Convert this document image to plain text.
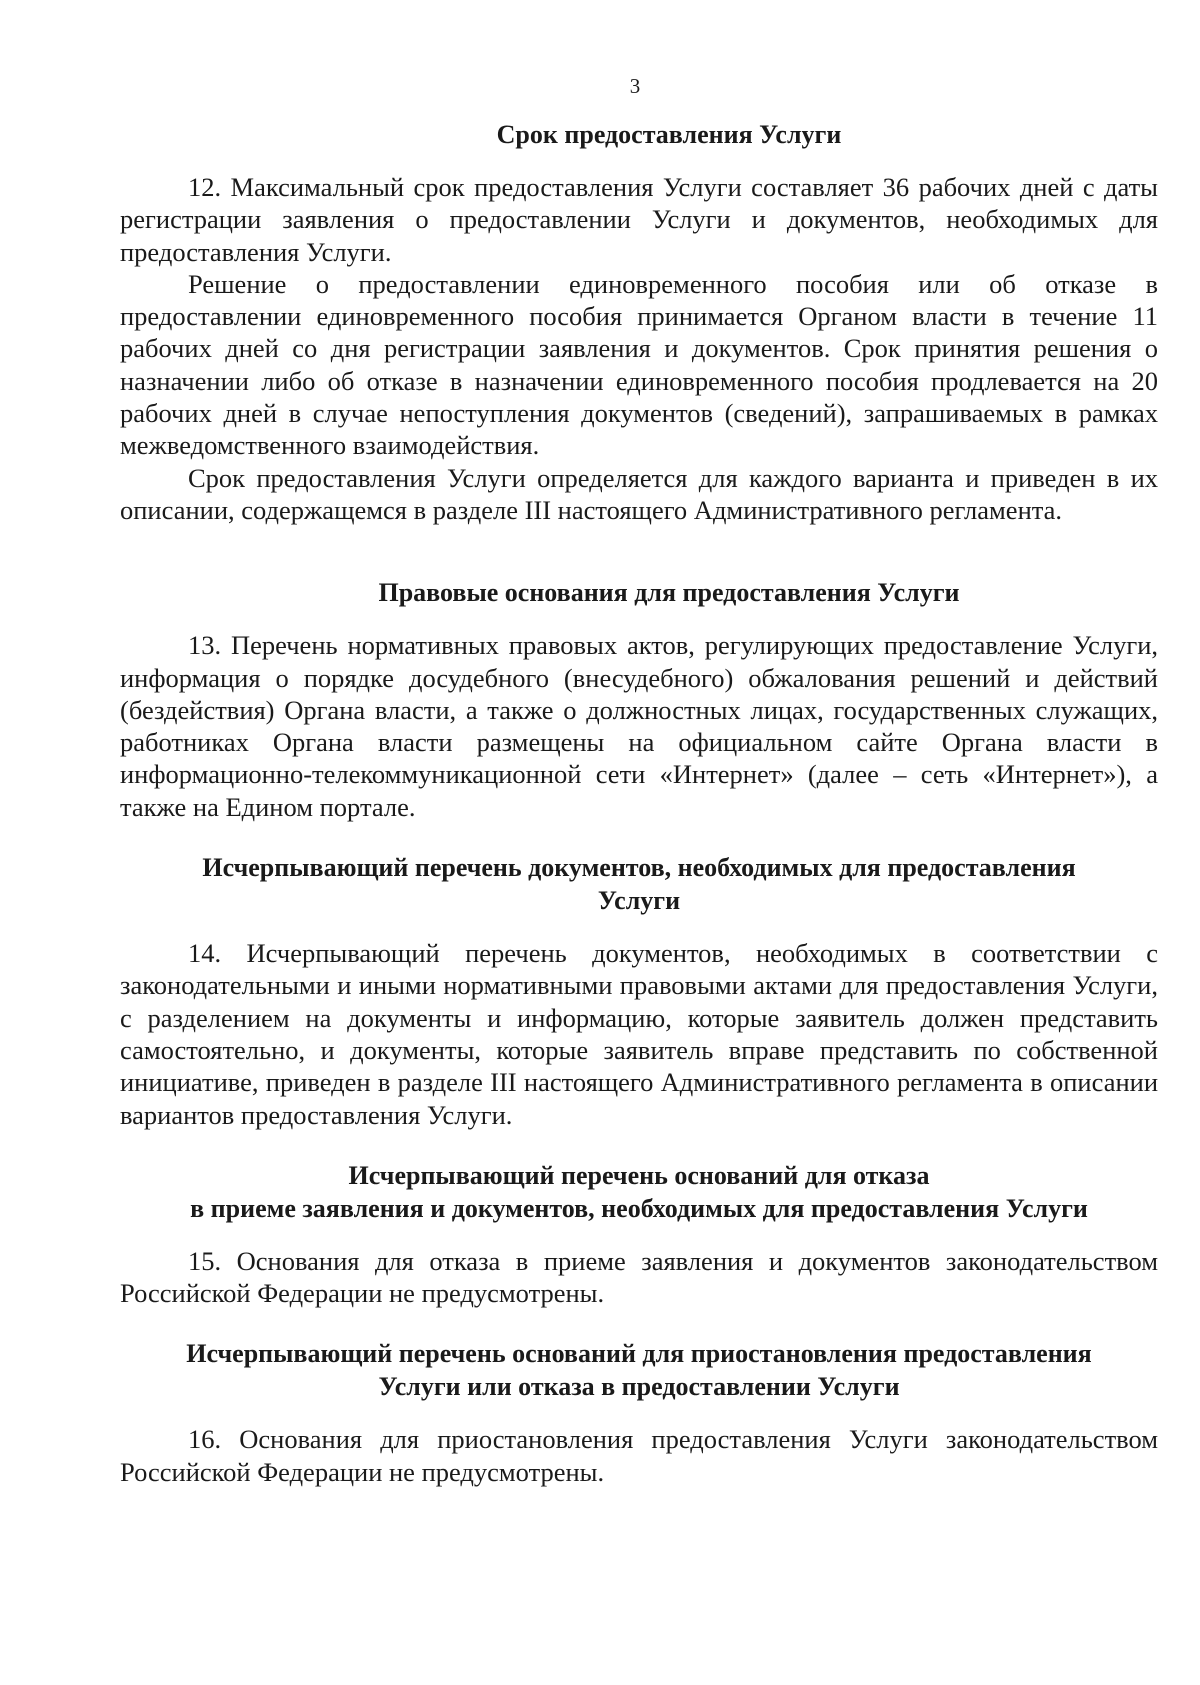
3

Срок предоставления Услуги

12. Максимальный срок предоставления Услуги составляет 36 рабочих дней с даты регистрации заявления о предоставлении Услуги и документов, необходимых для предоставления Услуги.

Решение о предоставлении единовременного пособия или об отказе в предоставлении единовременного пособия принимается Органом власти в течение 11 рабочих дней со дня регистрации заявления и документов. Срок принятия решения о назначении либо об отказе в назначении единовременного пособия продлевается на 20 рабочих дней в случае непоступления документов (сведений), запрашиваемых в рамках межведомственного взаимодействия.

Срок предоставления Услуги определяется для каждого варианта и приведен в их описании, содержащемся в разделе III настоящего Административного регламента.

Правовые основания для предоставления Услуги

13. Перечень нормативных правовых актов, регулирующих предоставление Услуги, информация о порядке досудебного (внесудебного) обжалования решений и действий (бездействия) Органа власти, а также о должностных лицах, государственных служащих, работниках Органа власти размещены на официальном сайте Органа власти в информационно-телекоммуникационной сети «Интернет» (далее – сеть «Интернет»), а также на Едином портале.

Исчерпывающий перечень документов, необходимых для предоставления

Услуги

14. Исчерпывающий перечень документов, необходимых в соответствии с законодательными и иными нормативными правовыми актами для предоставления Услуги, с разделением на документы и информацию, которые заявитель должен представить самостоятельно, и документы, которые заявитель вправе представить по собственной инициативе, приведен в разделе III настоящего Административного регламента в описании вариантов предоставления Услуги.

Исчерпывающий перечень оснований для отказа

в приеме заявления и документов, необходимых для предоставления Услуги

15. Основания для отказа в приеме заявления и документов законодательством Российской Федерации не предусмотрены.

Исчерпывающий перечень оснований для приостановления предоставления

Услуги или отказа в предоставлении Услуги

16. Основания для приостановления предоставления Услуги законодательством Российской Федерации не предусмотрены.
